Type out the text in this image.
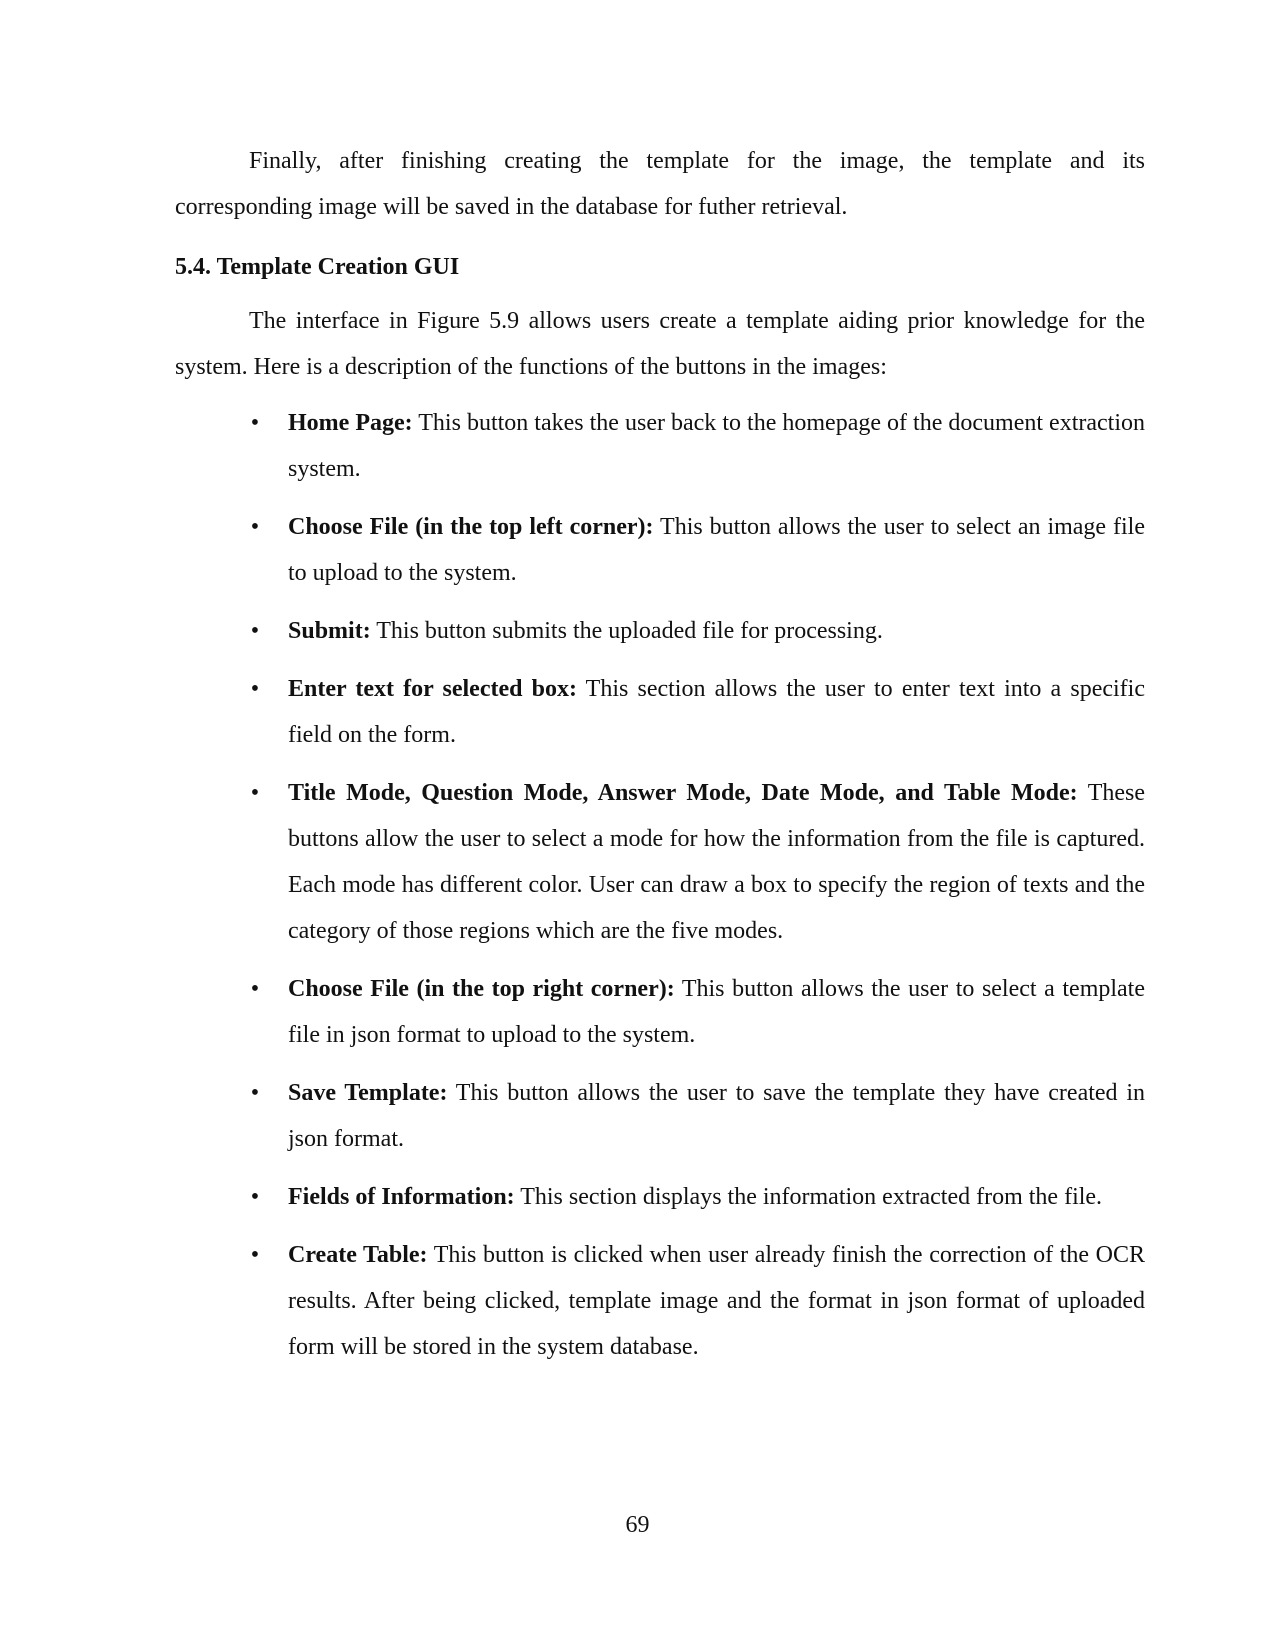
Finally, after finishing creating the template for the image, the template and its corresponding image will be saved in the database for futher retrieval.

5.4. Template Creation GUI

The interface in Figure 5.9 allows users create a template aiding prior knowledge for the system. Here is a description of the functions of the buttons in the images:

• Home Page: This button takes the user back to the homepage of the document extraction system.
• Choose File (in the top left corner): This button allows the user to select an image file to upload to the system.
• Submit: This button submits the uploaded file for processing.
• Enter text for selected box: This section allows the user to enter text into a specific field on the form.
• Title Mode, Question Mode, Answer Mode, Date Mode, and Table Mode: These buttons allow the user to select a mode for how the information from the file is captured. Each mode has different color. User can draw a box to specify the region of texts and the category of those regions which are the five modes.
• Choose File (in the top right corner): This button allows the user to select a template file in json format to upload to the system.
• Save Template: This button allows the user to save the template they have created in json format.
• Fields of Information: This section displays the information extracted from the file.
• Create Table: This button is clicked when user already finish the correction of the OCR results. After being clicked, template image and the format in json format of uploaded form will be stored in the system database.
69
